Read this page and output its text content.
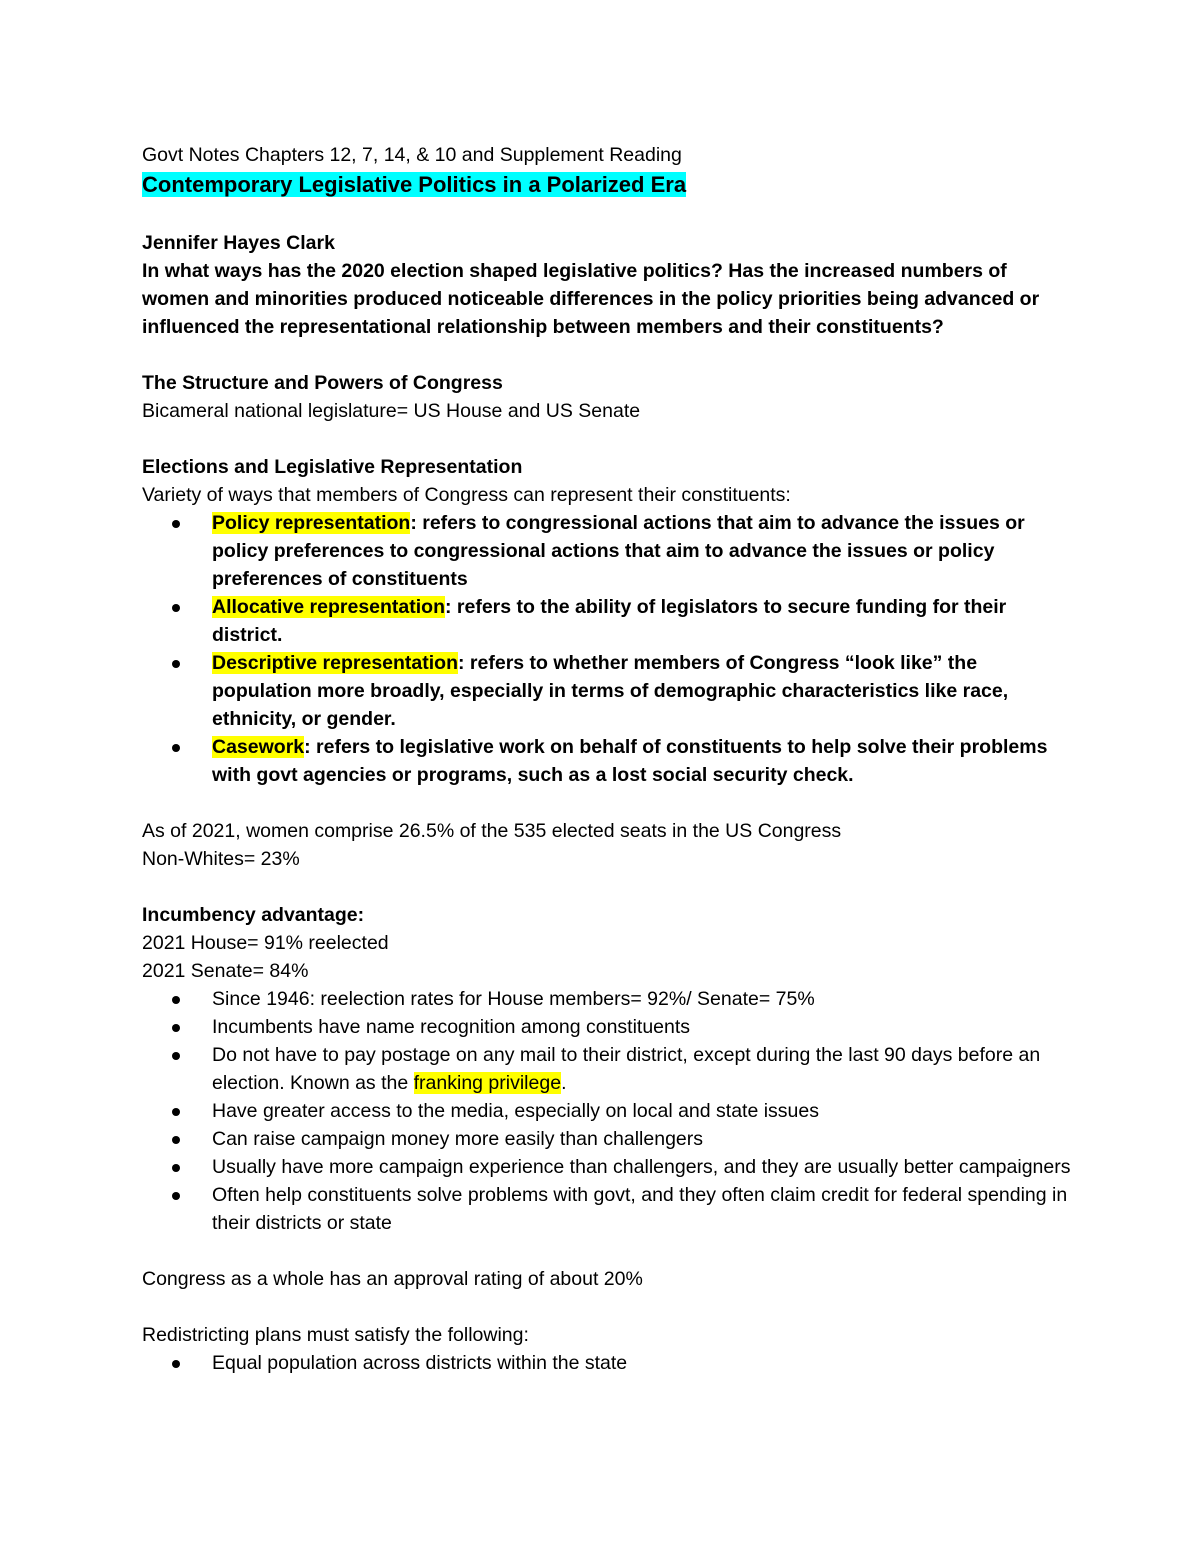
Govt Notes Chapters 12, 7, 14, & 10 and Supplement Reading

Contemporary Legislative Politics in a Polarized Era

Jennifer Hayes Clark

In what ways has the 2020 election shaped legislative politics? Has the increased numbers of women and minorities produced noticeable differences in the policy priorities being advanced or influenced the representational relationship between members and their constituents?

The Structure and Powers of Congress

Bicameral national legislature= US House and US Senate

Elections and Legislative Representation

Variety of ways that members of Congress can represent their constituents:

Policy representation: refers to congressional actions that aim to advance the issues or policy preferences to congressional actions that aim to advance the issues or policy preferences of constituents
Allocative representation: refers to the ability of legislators to secure funding for their district.
Descriptive representation: refers to whether members of Congress “look like” the population more broadly, especially in terms of demographic characteristics like race, ethnicity, or gender.
Casework: refers to legislative work on behalf of constituents to help solve their problems with govt agencies or programs, such as a lost social security check.

As of 2021, women comprise 26.5% of the 535 elected seats in the US Congress

Non-Whites= 23%

Incumbency advantage:

2021 House= 91% reelected

2021 Senate= 84%

Since 1946: reelection rates for House members= 92%/ Senate= 75%
Incumbents have name recognition among constituents
Do not have to pay postage on any mail to their district, except during the last 90 days before an election. Known as the franking privilege.
Have greater access to the media, especially on local and state issues
Can raise campaign money more easily than challengers
Usually have more campaign experience than challengers, and they are usually better campaigners
Often help constituents solve problems with govt, and they often claim credit for federal spending in their districts or state

Congress as a whole has an approval rating of about 20%

Redistricting plans must satisfy the following:

Equal population across districts within the state
